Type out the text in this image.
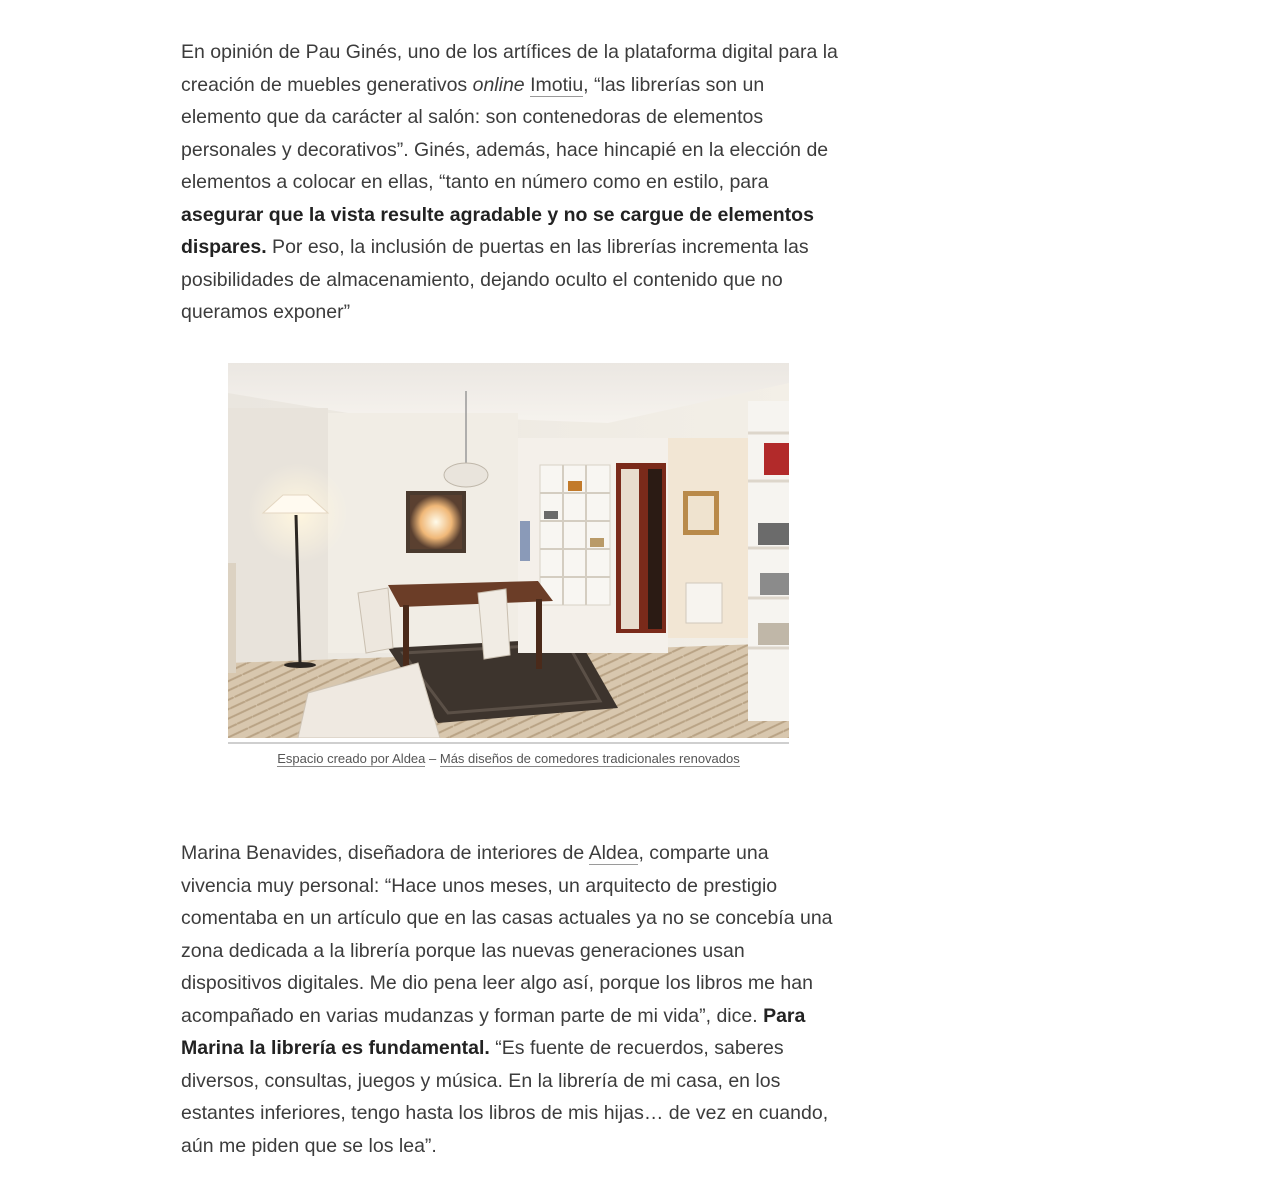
En opinión de Pau Ginés, uno de los artífices de la plataforma digital para la creación de muebles generativos online Imotiu, “las librerías son un elemento que da carácter al salón: son contenedoras de elementos personales y decorativos”. Ginés, además, hace hincapié en la elección de elementos a colocar en ellas, “tanto en número como en estilo, para asegurar que la vista resulte agradable y no se cargue de elementos dispares. Por eso, la inclusión de puertas en las librerías incrementa las posibilidades de almacenamiento, dejando oculto el contenido que no queramos exponer”

Espacio creado por Aldea – Más diseños de comedores tradicionales renovados

Marina Benavides, diseñadora de interiores de Aldea, comparte una vivencia muy personal: “Hace unos meses, un arquitecto de prestigio comentaba en un artículo que en las casas actuales ya no se concebía una zona dedicada a la librería porque las nuevas generaciones usan dispositivos digitales. Me dio pena leer algo así, porque los libros me han acompañado en varias mudanzas y forman parte de mi vida”, dice. Para Marina la librería es fundamental. “Es fuente de recuerdos, saberes diversos, consultas, juegos y música. En la librería de mi casa, en los estantes inferiores, tengo hasta los libros de mis hijas… de vez en cuando, aún me piden que se los lea”.
